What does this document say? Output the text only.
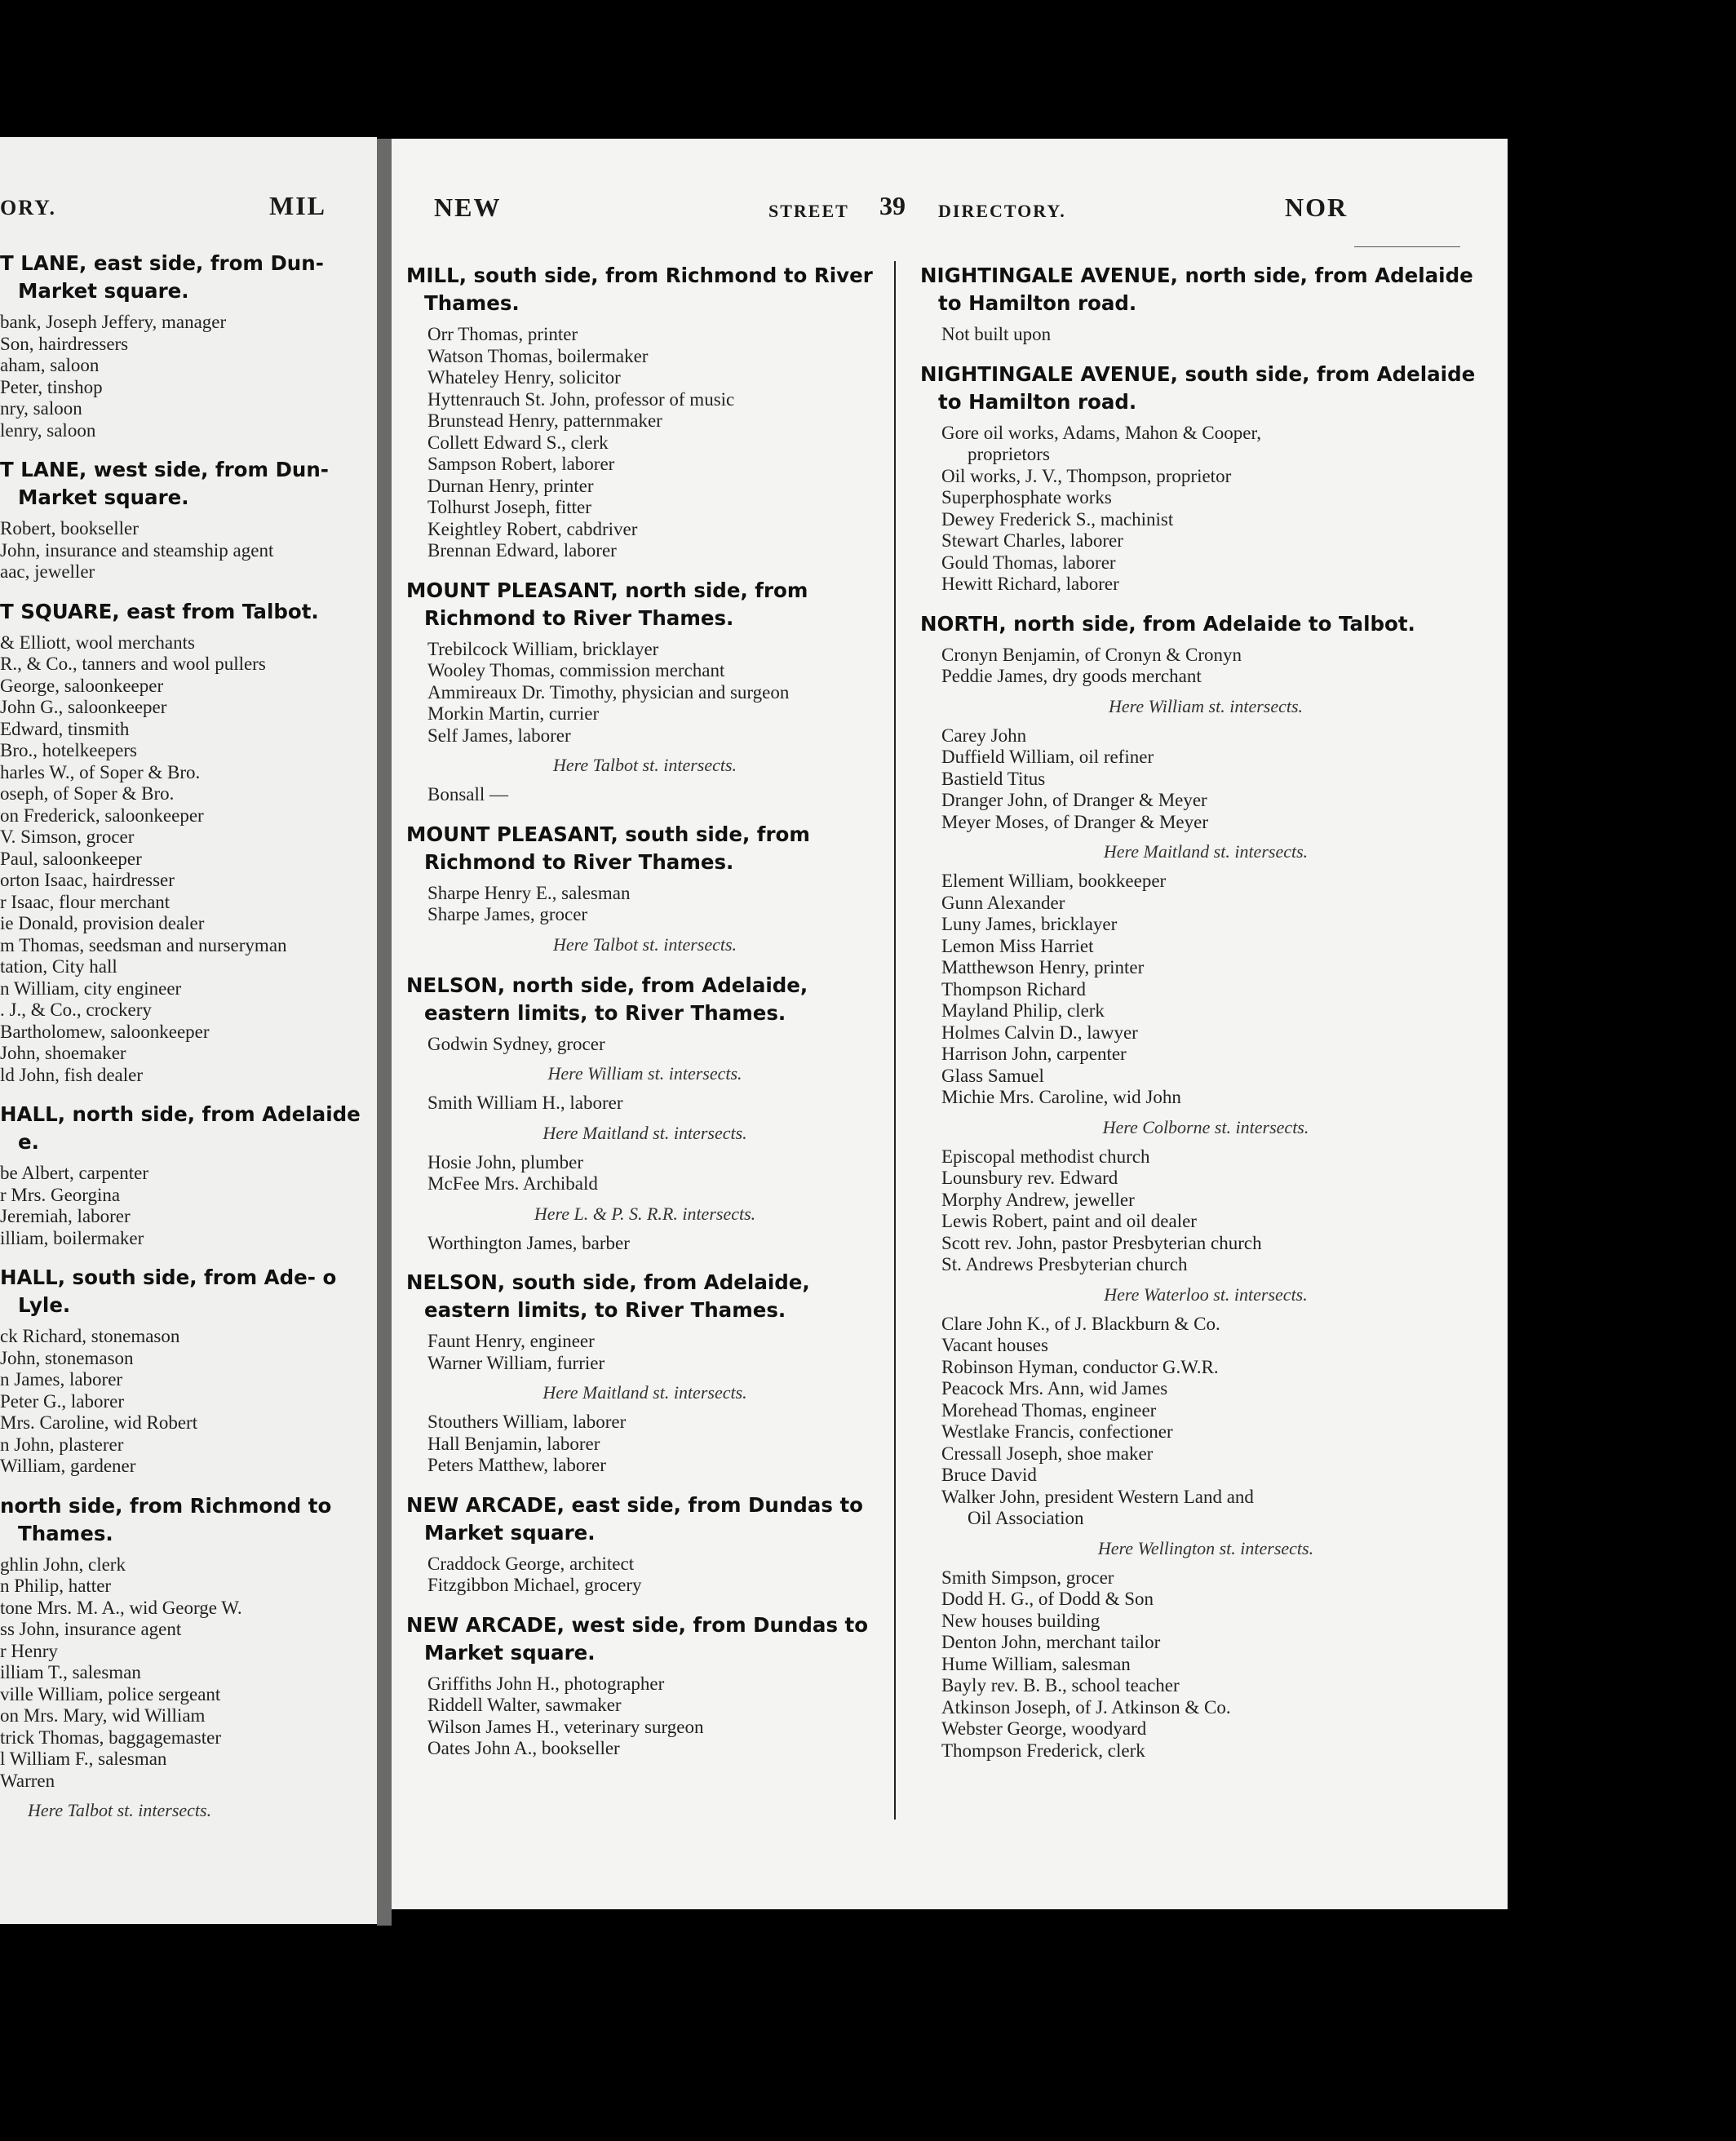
ORY.	MIL
T LANE, east side, from Dun- Market square.
bank, Joseph Jeffery, manager
Son, hairdressers
aham, saloon
Peter, tinshop
nry, saloon
lenry, saloon
T LANE, west side, from Dun- Market square.
Robert, bookseller
John, insurance and steamship agent
aac, jeweller
T SQUARE, east from Talbot.
& Elliott, wool merchants
R., & Co., tanners and wool pullers
George, saloonkeeper
John G., saloonkeeper
Edward, tinsmith
Bro., hotelkeepers
harles W., of Soper & Bro.
oseph, of Soper & Bro.
on Frederick, saloonkeeper
V. Simson, grocer
Paul, saloonkeeper
orton Isaac, hairdresser
r Isaac, flour merchant
ie Donald, provision dealer
m Thomas, seedsman and nurseryman
tation, City hall
n William, city engineer
. J., & Co., crockery
Bartholomew, saloonkeeper
John, shoemaker
ld John, fish dealer
HALL, north side, from Adelaide e.
be Albert, carpenter
r Mrs. Georgina
Jeremiah, laborer
illiam, boilermaker
HALL, south side, from Ade- o Lyle.
ck Richard, stonemason
John, stonemason
n James, laborer
Peter G., laborer
Mrs. Caroline, wid Robert
n John, plasterer
William, gardener
north side, from Richmond to Thames.
ghlin John, clerk
n Philip, hatter
tone Mrs. M. A., wid George W.
ss John, insurance agent
r Henry
illiam T., salesman
ville William, police sergeant
on Mrs. Mary, wid William
trick Thomas, baggagemaster
l William F., salesman
Warren
Here Talbot st. intersects.
NEW	STREET 39 DIRECTORY.	NOR
MILL, south side, from Richmond to River Thames.
Orr Thomas, printer
Watson Thomas, boilermaker
Whateley Henry, solicitor
Hyttenrauch St. John, professor of music
Brunstead Henry, patternmaker
Collett Edward S., clerk
Sampson Robert, laborer
Durnan Henry, printer
Tolhurst Joseph, fitter
Keightley Robert, cabdriver
Brennan Edward, laborer
MOUNT PLEASANT, north side, from Richmond to River Thames.
Trebilcock William, bricklayer
Wooley Thomas, commission merchant
Ammireaux Dr. Timothy, physician and surgeon
Morkin Martin, currier
Self James, laborer
Here Talbot st. intersects.
Bonsall —
MOUNT PLEASANT, south side, from Richmond to River Thames.
Sharpe Henry E., salesman
Sharpe James, grocer
Here Talbot st. intersects.
NELSON, north side, from Adelaide, eastern limits, to River Thames.
Godwin Sydney, grocer
Here William st. intersects.
Smith William H., laborer
Here Maitland st. intersects.
Hosie John, plumber
McFee Mrs. Archibald
Here L. & P. S. R.R. intersects.
Worthington James, barber
NELSON, south side, from Adelaide, eastern limits, to River Thames.
Faunt Henry, engineer
Warner William, furrier
Here Maitland st. intersects.
Stouthers William, laborer
Hall Benjamin, laborer
Peters Matthew, laborer
NEW ARCADE, east side, from Dundas to Market square.
Craddock George, architect
Fitzgibbon Michael, grocery
NEW ARCADE, west side, from Dundas to Market square.
Griffiths John H., photographer
Riddell Walter, sawmaker
Wilson James H., veterinary surgeon
Oates John A., bookseller
NIGHTINGALE AVENUE, north side, from Adelaide to Hamilton road.
Not built upon
NIGHTINGALE AVENUE, south side, from Adelaide to Hamilton road.
Gore oil works, Adams, Mahon & Cooper,
proprietors
Oil works, J. V., Thompson, proprietor
Superphosphate works
Dewey Frederick S., machinist
Stewart Charles, laborer
Gould Thomas, laborer
Hewitt Richard, laborer
NORTH, north side, from Adelaide to Talbot.
Cronyn Benjamin, of Cronyn & Cronyn
Peddie James, dry goods merchant
Here William st. intersects.
Carey John
Duffield William, oil refiner
Bastield Titus
Dranger John, of Dranger & Meyer
Meyer Moses, of Dranger & Meyer
Here Maitland st. intersects.
Element William, bookkeeper
Gunn Alexander
Luny James, bricklayer
Lemon Miss Harriet
Matthewson Henry, printer
Thompson Richard
Mayland Philip, clerk
Holmes Calvin D., lawyer
Harrison John, carpenter
Glass Samuel
Michie Mrs. Caroline, wid John
Here Colborne st. intersects.
Episcopal methodist church
Lounsbury rev. Edward
Morphy Andrew, jeweller
Lewis Robert, paint and oil dealer
Scott rev. John, pastor Presbyterian church
St. Andrews Presbyterian church
Here Waterloo st. intersects.
Clare John K., of J. Blackburn & Co.
Vacant houses
Robinson Hyman, conductor G.W.R.
Peacock Mrs. Ann, wid James
Morehead Thomas, engineer
Westlake Francis, confectioner
Cressall Joseph, shoe maker
Bruce David
Walker John, president Western Land and
Oil Association
Here Wellington st. intersects.
Smith Simpson, grocer
Dodd H. G., of Dodd & Son
New houses building
Denton John, merchant tailor
Hume William, salesman
Bayly rev. B. B., school teacher
Atkinson Joseph, of J. Atkinson & Co.
Webster George, woodyard
Thompson Frederick, clerk
